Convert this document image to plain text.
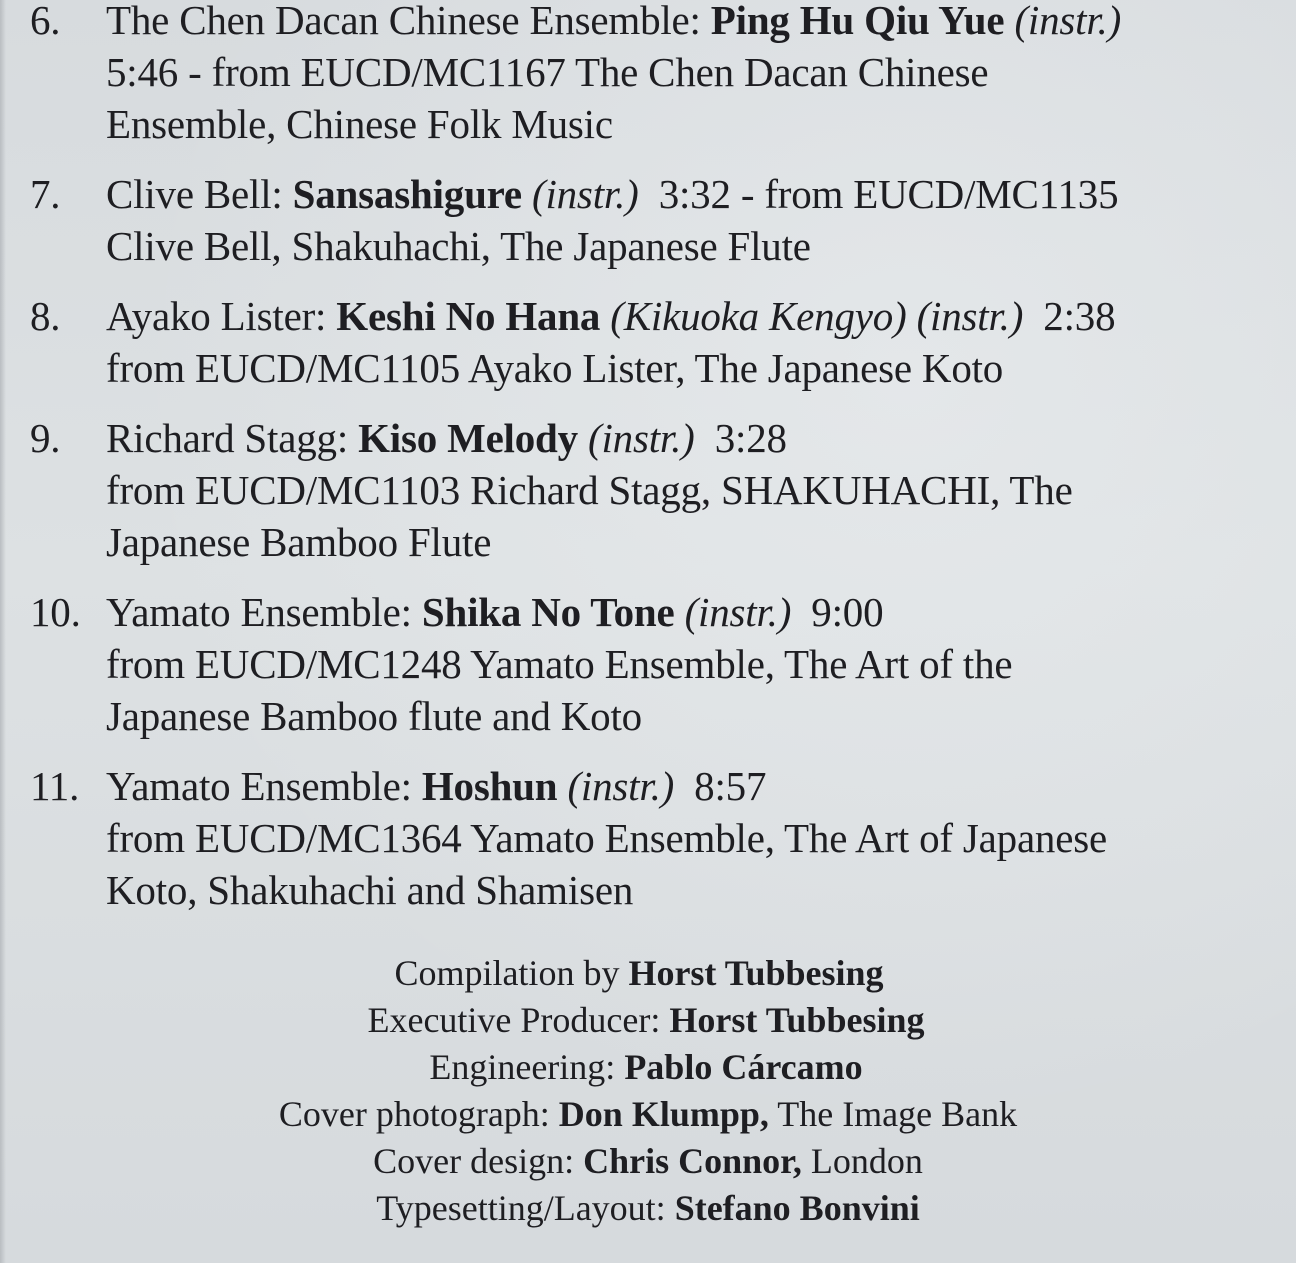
6.	The Chen Dacan Chinese Ensemble: Ping Hu Qiu Yue (instr.)
5:46 - from EUCD/MC1167 The Chen Dacan Chinese
Ensemble, Chinese Folk Music
7.	Clive Bell: Sansashigure (instr.)  3:32 - from EUCD/MC1135
Clive Bell, Shakuhachi, The Japanese Flute
8.	Ayako Lister: Keshi No Hana (Kikuoka Kengyo) (instr.)  2:38
from EUCD/MC1105 Ayako Lister, The Japanese Koto
9.	Richard Stagg: Kiso Melody (instr.)  3:28
from EUCD/MC1103 Richard Stagg, SHAKUHACHI, The
Japanese Bamboo Flute
10. Yamato Ensemble: Shika No Tone (instr.)  9:00
from EUCD/MC1248 Yamato Ensemble, The Art of the
Japanese Bamboo flute and Koto
11. Yamato Ensemble: Hoshun (instr.)  8:57
from EUCD/MC1364 Yamato Ensemble, The Art of Japanese
Koto, Shakuhachi and Shamisen
Compilation by Horst Tubbesing
Executive Producer: Horst Tubbesing
Engineering: Pablo Cárcamo
Cover photograph: Don Klumpp, The Image Bank
Cover design: Chris Connor, London
Typesetting/Layout: Stefano Bonvini
